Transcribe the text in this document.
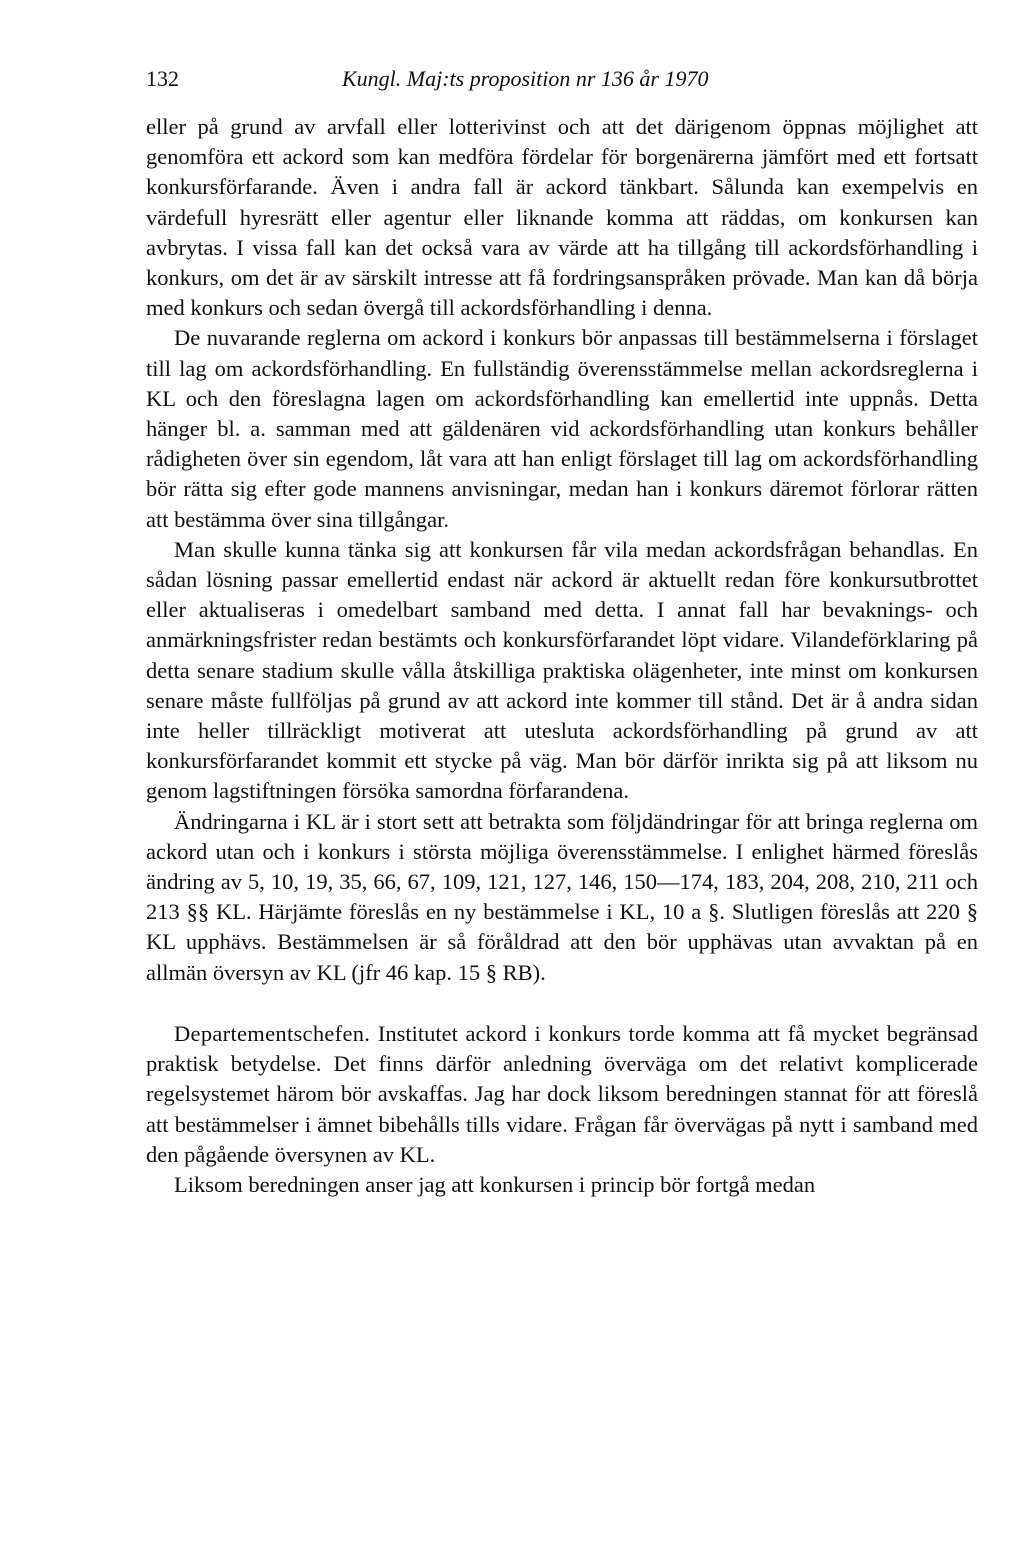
132	Kungl. Maj:ts proposition nr 136 år 1970

eller på grund av arvfall eller lotterivinst och att det därigenom öppnas möjlighet att genomföra ett ackord som kan medföra fördelar för borgenärerna jämfört med ett fortsatt konkursförfarande. Även i andra fall är ackord tänkbart. Sålunda kan exempelvis en värdefull hyresrätt eller agentur eller liknande komma att räddas, om konkursen kan avbrytas. I vissa fall kan det också vara av värde att ha tillgång till ackordsförhandling i konkurs, om det är av särskilt intresse att få fordringsanspråken prövade. Man kan då börja med konkurs och sedan övergå till ackordsförhandling i denna.

De nuvarande reglerna om ackord i konkurs bör anpassas till bestämmelserna i förslaget till lag om ackordsförhandling. En fullständig överensstämmelse mellan ackordsreglerna i KL och den föreslagna lagen om ackordsförhandling kan emellertid inte uppnås. Detta hänger bl. a. samman med att gäldenären vid ackordsförhandling utan konkurs behåller rådigheten över sin egendom, låt vara att han enligt förslaget till lag om ackordsförhandling bör rätta sig efter gode mannens anvisningar, medan han i konkurs däremot förlorar rätten att bestämma över sina tillgångar.

Man skulle kunna tänka sig att konkursen får vila medan ackordsfrågan behandlas. En sådan lösning passar emellertid endast när ackord är aktuellt redan före konkursutbrottet eller aktualiseras i omedelbart samband med detta. I annat fall har bevaknings- och anmärkningsfrister redan bestämts och konkursförfarandet löpt vidare. Vilandeförklaring på detta senare stadium skulle vålla åtskilliga praktiska olägenheter, inte minst om konkursen senare måste fullföljas på grund av att ackord inte kommer till stånd. Det är å andra sidan inte heller tillräckligt motiverat att utesluta ackordsförhandling på grund av att konkursförfarandet kommit ett stycke på väg. Man bör därför inrikta sig på att liksom nu genom lagstiftningen försöka samordna förfarandena.

Ändringarna i KL är i stort sett att betrakta som följdändringar för att bringa reglerna om ackord utan och i konkurs i största möjliga överensstämmelse. I enlighet härmed föreslås ändring av 5, 10, 19, 35, 66, 67, 109, 121, 127, 146, 150—174, 183, 204, 208, 210, 211 och 213 §§ KL. Härjämte föreslås en ny bestämmelse i KL, 10 a §. Slutligen föreslås att 220 § KL upphävs. Bestämmelsen är så föråldrad att den bör upphävas utan avvaktan på en allmän översyn av KL (jfr 46 kap. 15 § RB).

Departementschefen. Institutet ackord i konkurs torde komma att få mycket begränsad praktisk betydelse. Det finns därför anledning överväga om det relativt komplicerade regelsystemet härom bör avskaffas. Jag har dock liksom beredningen stannat för att föreslå att bestämmelser i ämnet bibehålls tills vidare. Frågan får övervägas på nytt i samband med den pågående översynen av KL.

Liksom beredningen anser jag att konkursen i princip bör fortgå medan
